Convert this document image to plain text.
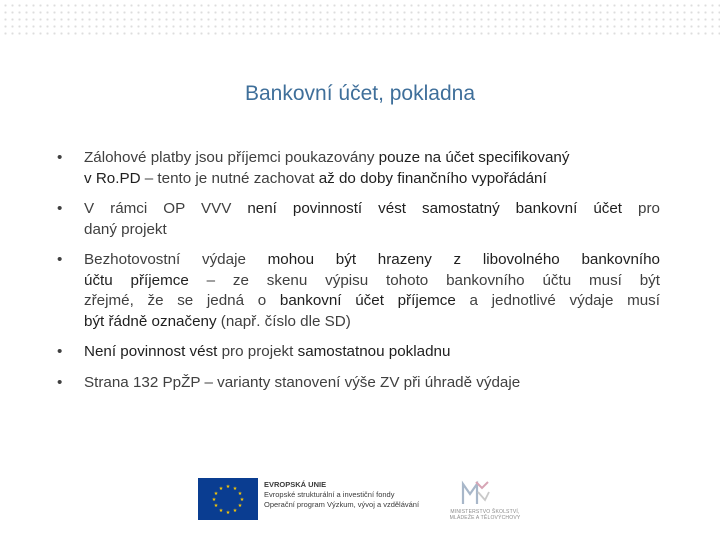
Bankovní účet, pokladna
• Zálohové platby jsou příjemci poukazovány pouze na účet specifikovaný
v Ro.PD – tento je nutné zachovat až do doby finančního vypořádání
• V rámci OP VVV není povinností vést samostatný bankovní účet pro
daný projekt
• Bezhotovostní výdaje mohou být hrazeny z libovolného bankovního
účtu příjemce – ze skenu výpisu tohoto bankovního účtu musí být
zřejmé, že se jedná o bankovní účet příjemce a jednotlivé výdaje musí
být řádně označeny (např. číslo dle SD)
• Není povinnost vést pro projekt samostatnou pokladnu
• Strana 132 PpŽP – varianty stanovení výše ZV při úhradě výdaje
★ ★
★
★
★
★
★
★
★
★
★
★	EVROPSKÁ UNIE
Evropské strukturální a investiční fondy
Operační program Výzkum, vývoj a vzdělávání
MINISTERSTVO ŠKOLSTVÍ,
MLÁDEŽE A TĚLOVÝCHOVY
